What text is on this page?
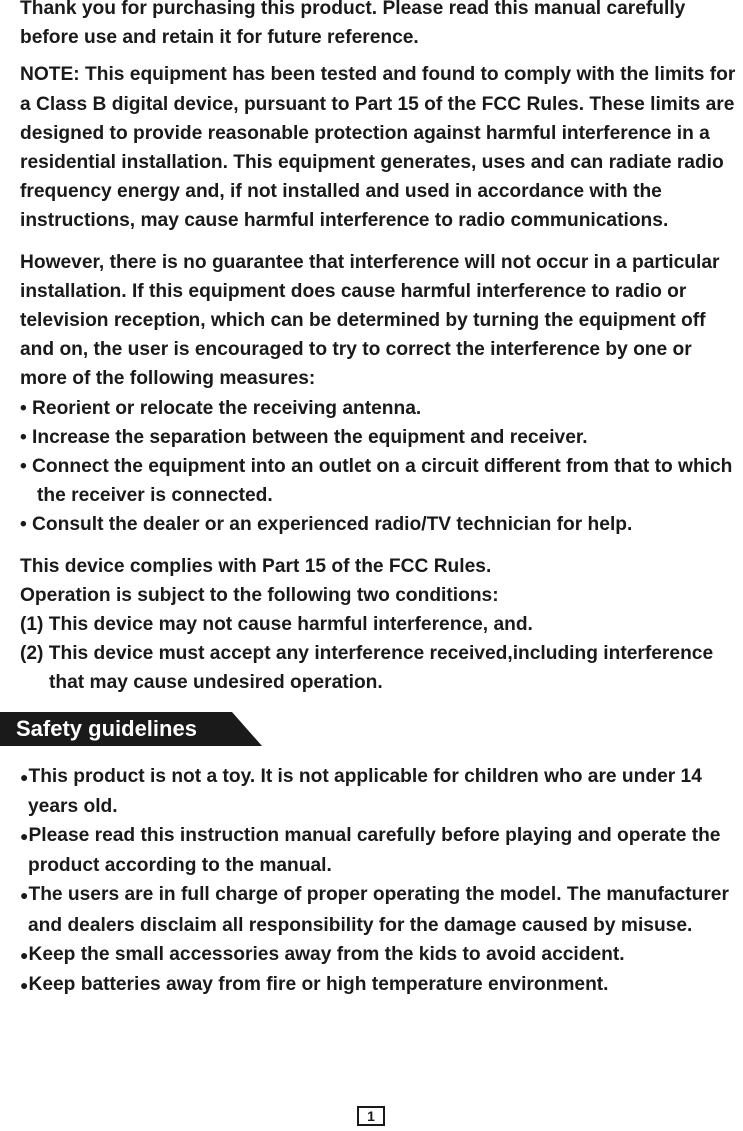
Thank you for purchasing this product. Please read this manual carefully before use and retain it for future reference.

NOTE: This equipment has been tested and found to comply with the limits for a Class B digital device, pursuant to Part 15 of the FCC Rules. These limits are designed to provide reasonable protection against harmful interference in a residential installation. This equipment generates, uses and can radiate radio frequency energy and, if not installed and used in accordance with the instructions, may cause harmful interference to radio communications.

However, there is no guarantee that interference will not occur in a particular installation. If this equipment does cause harmful interference to radio or television reception, which can be determined by turning the equipment off and on, the user is encouraged to try to correct the interference by one or more of the following measures:

• Reorient or relocate the receiving antenna.
• Increase the separation between the equipment and receiver.
• Connect the equipment into an outlet on a circuit different from that to which the receiver is connected.
• Consult the dealer or an experienced radio/TV technician for help.

This device complies with Part 15 of the FCC Rules.

Operation is subject to the following two conditions:

(1) This device may not cause harmful interference, and.
(2) This device must accept any interference received,including interference that may cause undesired operation.
Safety guidelines
●This product is not a toy. It is not applicable for children who are under 14 years old.
●Please read this instruction manual carefully before playing and operate the product according to the manual.
●The users are in full charge of proper operating the model. The manufacturer and dealers disclaim all responsibility for the damage caused by misuse.
●Keep the small accessories away from the kids to avoid accident.
●Keep batteries away from fire or high temperature environment.
1
